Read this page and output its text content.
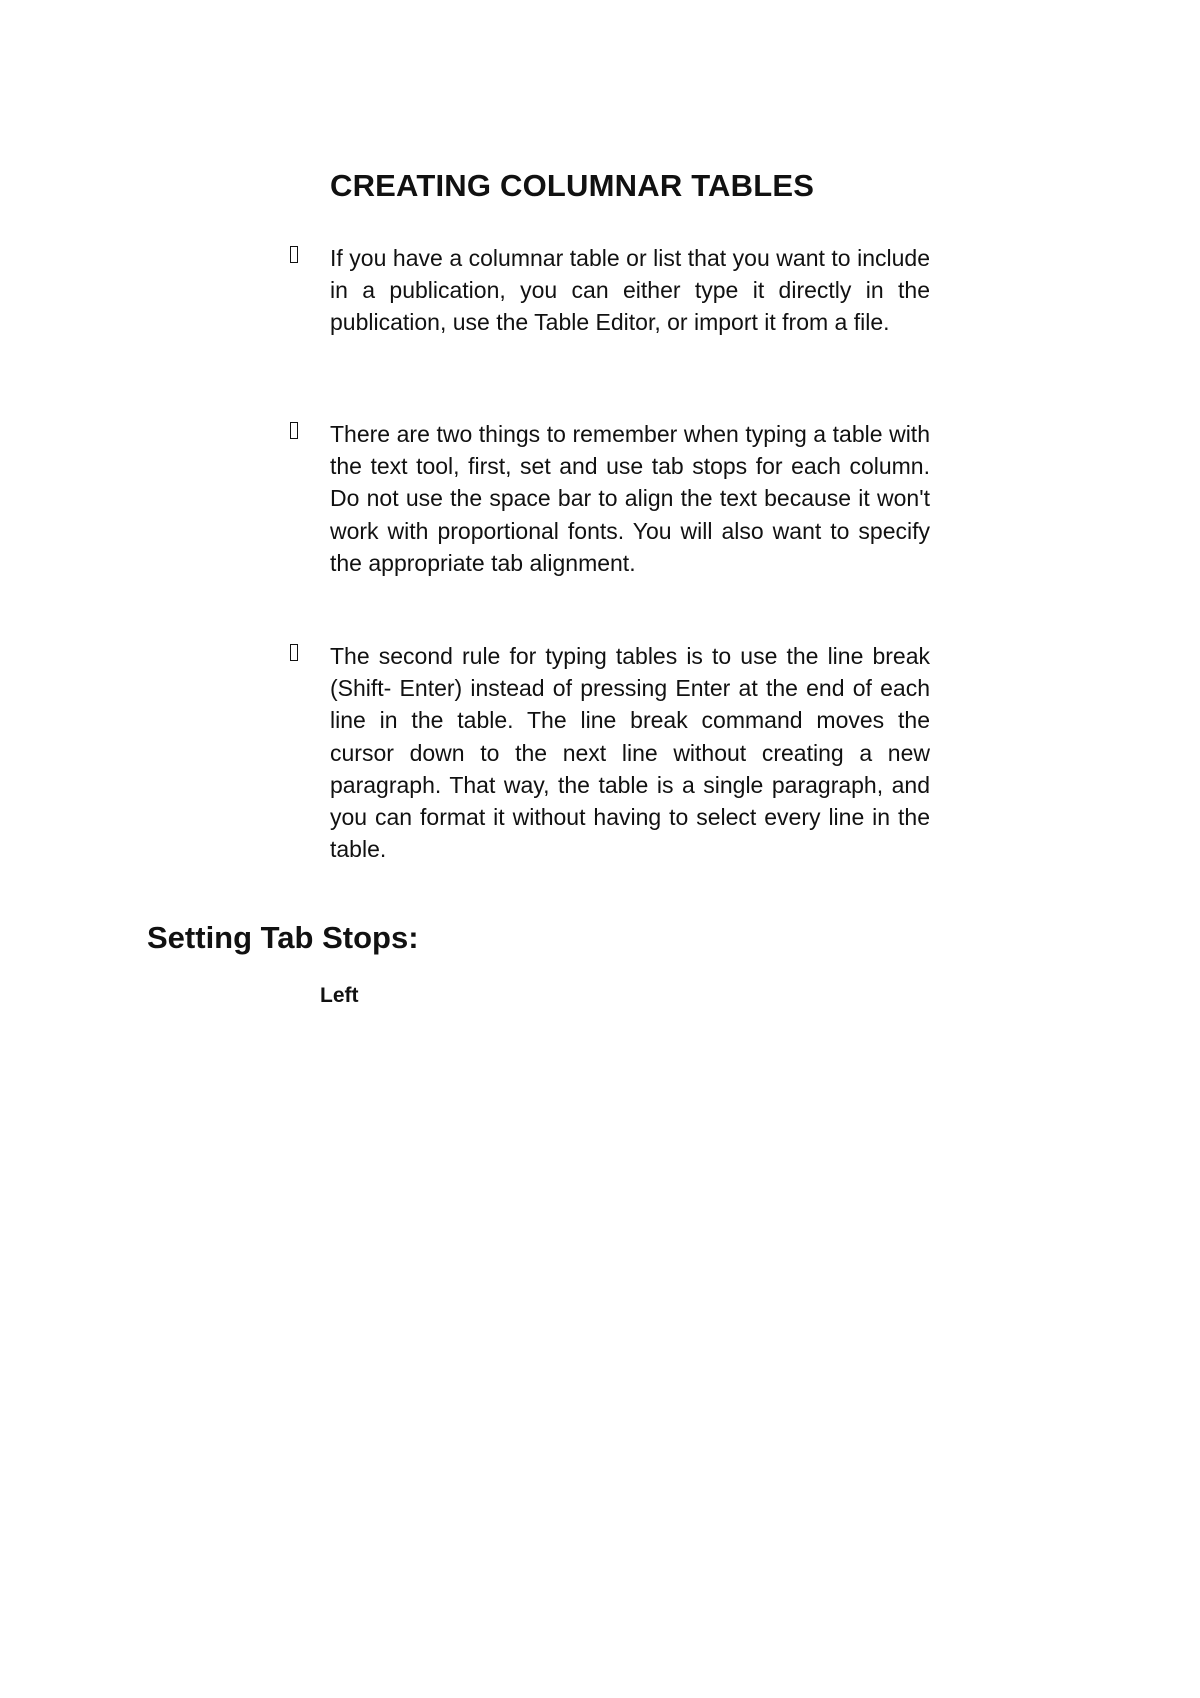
CREATING COLUMNAR TABLES

If you have a columnar table or list that you want to include in a publication, you can either type it directly in the publication, use the Table Editor, or import it from a file.

There are two things to remember when typing a table with the text tool, first, set and use tab stops for each column. Do not use the space bar to align the text because it won't work with proportional fonts. You will also want to specify the appropriate tab alignment.

The second rule for typing tables is to use the line break (Shift- Enter) instead of pressing Enter at the end of each line in the table. The line break command moves the cursor down to the next line without creating a new paragraph. That way, the table is a single paragraph, and you can format it without having to select every line in the table.

Setting Tab Stops:

Left
